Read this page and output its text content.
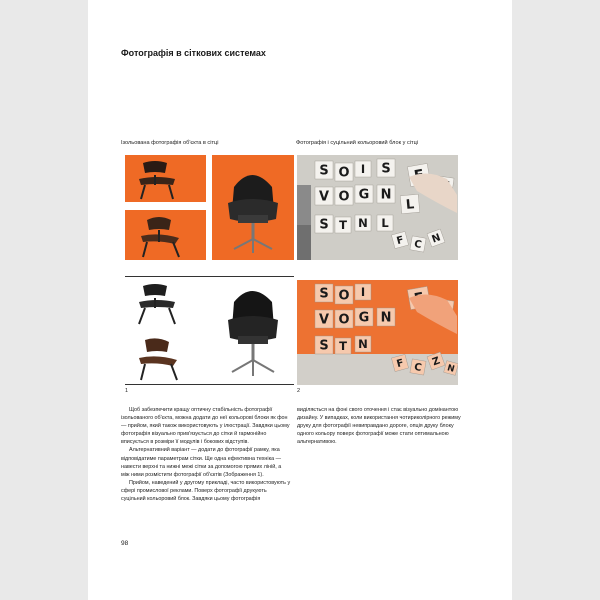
Фотографія в сіткових системах
Ізольована фотографія об'єкта в сітці	Фотографія і суцільний кольоровий блок у сітці
1
S O I S
V O G N
L
S T N L
F C N
S O I
V O G N
S T N
F C Z
N
2

Щоб забезпечити кращу оптичну стабільність фотографії ізольованого об'єкта, можна додати до неї кольорові блоки як фон — прийом, який також використовують у ілюстрації. Завдяки цьому фотографія візуально прив'язується до сітки й гармонійно вписується в розміри її модулів і бокових відступів.

Альтернативний варіант — додати до фотографії рамку, яка відповідатиме параметрам сітки. Ще одна ефективна техніка — навести верхні та нижні межі сітки за допомогою прямих ліній, а між ними розмістити фотографії об'єктів (Зображення 1).

Прийом, наведений у другому прикладі, часто використовують у сфері промислової реклами. Поверх фотографії друкують суцільний кольоровий блок. Завдяки цьому фотографія

виділяється на фоні свого оточення і стає візуально домінантою дизайну. У випадках, коли використання чотириколірного режиму друку для фотографії невиправдано дороге, опція друку блоку одного кольору поверх фотографії може стати оптимальною альтернативою.

98
